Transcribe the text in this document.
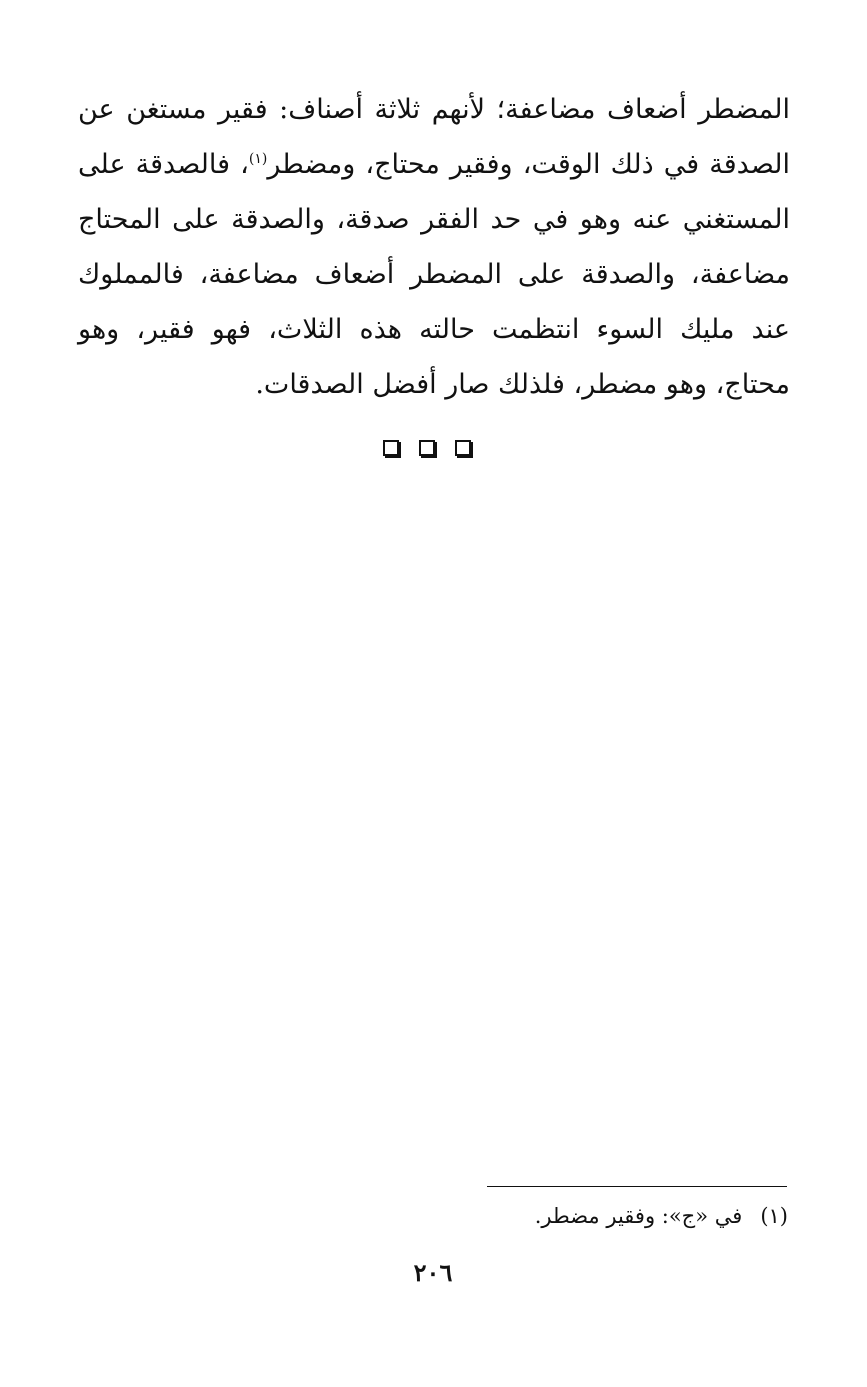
المضطر أضعاف مضاعفة؛ لأنهم ثلاثة أصناف: فقير مستغن عن الصدقة في ذلك الوقت، وفقير محتاج، ومضطر$^{(١)}$، فالصدقة على المستغني عنه وهو في حد الفقر صدقة، والصدقة على المحتاج مضاعفة، والصدقة على المضطر أضعاف مضاعفة، فالمملوك عند مليك السوء انتظمت حالته هذه الثلاث، فهو فقير، وهو محتاج، وهو مضطر، فلذلك صار أفضل الصدقات.

(١)في «ج»: وفقير مضطر.
٢٠٦
